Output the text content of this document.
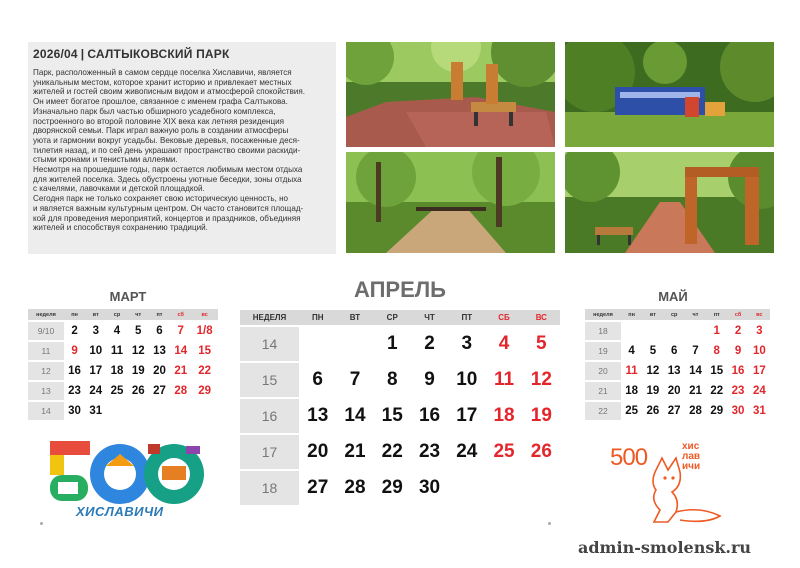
2026/04 | САЛТЫКОВСКИЙ ПАРК
Парк, расположенный в самом сердце поселка Хиславичи, является
уникальным местом, которое хранит историю и привлекает местных
жителей и гостей своим живописным видом и атмосферой спокойствия.
Он имеет богатое прошлое, связанное с именем графа Салтыкова.
Изначально парк был частью обширного усадебного комплекса,
построенного во второй половине XIX века как летняя резиденция
дворянской семьи. Парк играл важную роль в создании атмосферы
уюта и гармонии вокруг усадьбы. Вековые деревья, посаженные деся-
тилетия назад, и по сей день украшают пространство своими раскиди-
стыми кронами и тенистыми аллеями.
Несмотря на прошедшие годы, парк остается любимым местом отдыха
для жителей поселка. Здесь обустроены уютные беседки, зоны отдыха
с качелями, лавочками и детской площадкой.
Сегодня парк не только сохраняет свою историческую ценность, но
и является важным культурным центром. Он часто становится площад-
кой для проведения мероприятий, концертов и праздников, объединяя
жителей и способствуя сохранению традиций.
МАРТ	АПРЕЛЬ	МАЙ
неделя	пн	вт	ср	чт	пт	сб	вс
9/10	2	3	4	5	6	7	1/8
11	9	10	11	12	13	14	15
12	16	17	18	19	20	21	22
13	23	24	25	26	27	28	29
14	30	31					
НЕДЕЛЯ	ПН	ВТ	СР	ЧТ	ПТ	СБ	ВС
14			1	2	3	4	5
15	6	7	8	9	10	11	12
16	13	14	15	16	17	18	19
17	20	21	22	23	24	25	26
18	27	28	29	30			
неделя	пн	вт	ср	чт	пт	сб	вс
18					1	2	3
19	4	5	6	7	8	9	10
20	11	12	13	14	15	16	17
21	18	19	20	21	22	23	24
22	25	26	27	28	29	30	31
ХИСЛАВИЧИ
500	хис
лав
ичи
admin-smolensk.ru
